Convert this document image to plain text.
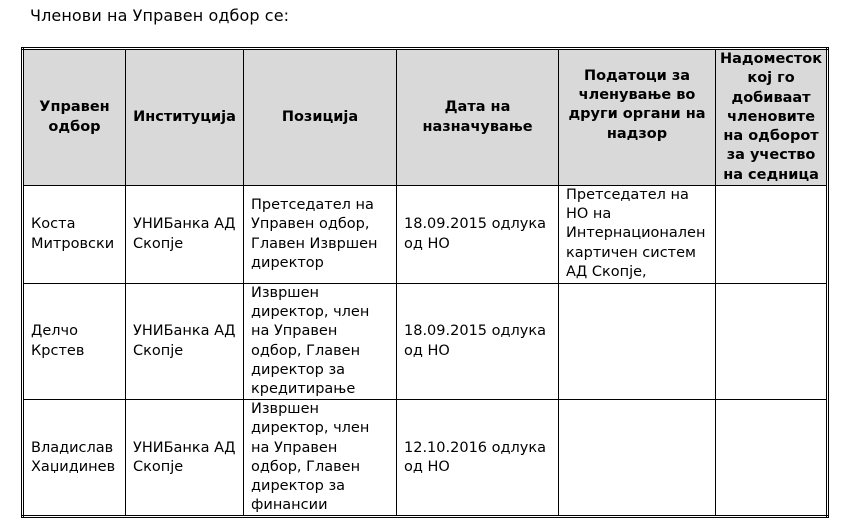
Членови на Управен одбор се:
Управен одбор	Институција	Позиција	Дата на назначување	Податоци за членување во други органи на надзор	Надоместок кој го добиваат членовите на одборот за учество на седница
Коста Митровски	УНИБанка АД Скопје	Претседател на Управен одбор, Главен Извршен директор	18.09.2015 одлука од НО	Претседател на НО на Интернационален картичен систем АД Скопје,	
Делчо Крстев	УНИБанка АД Скопје	Извршен директор, член на Управен одбор, Главен директор за кредитирање	18.09.2015 одлука од НО		
Владислав Хаџидинев	УНИБанка АД Скопје	Извршен директор, член на Управен одбор, Главен директор за финансии	12.10.2016 одлука од НО		
